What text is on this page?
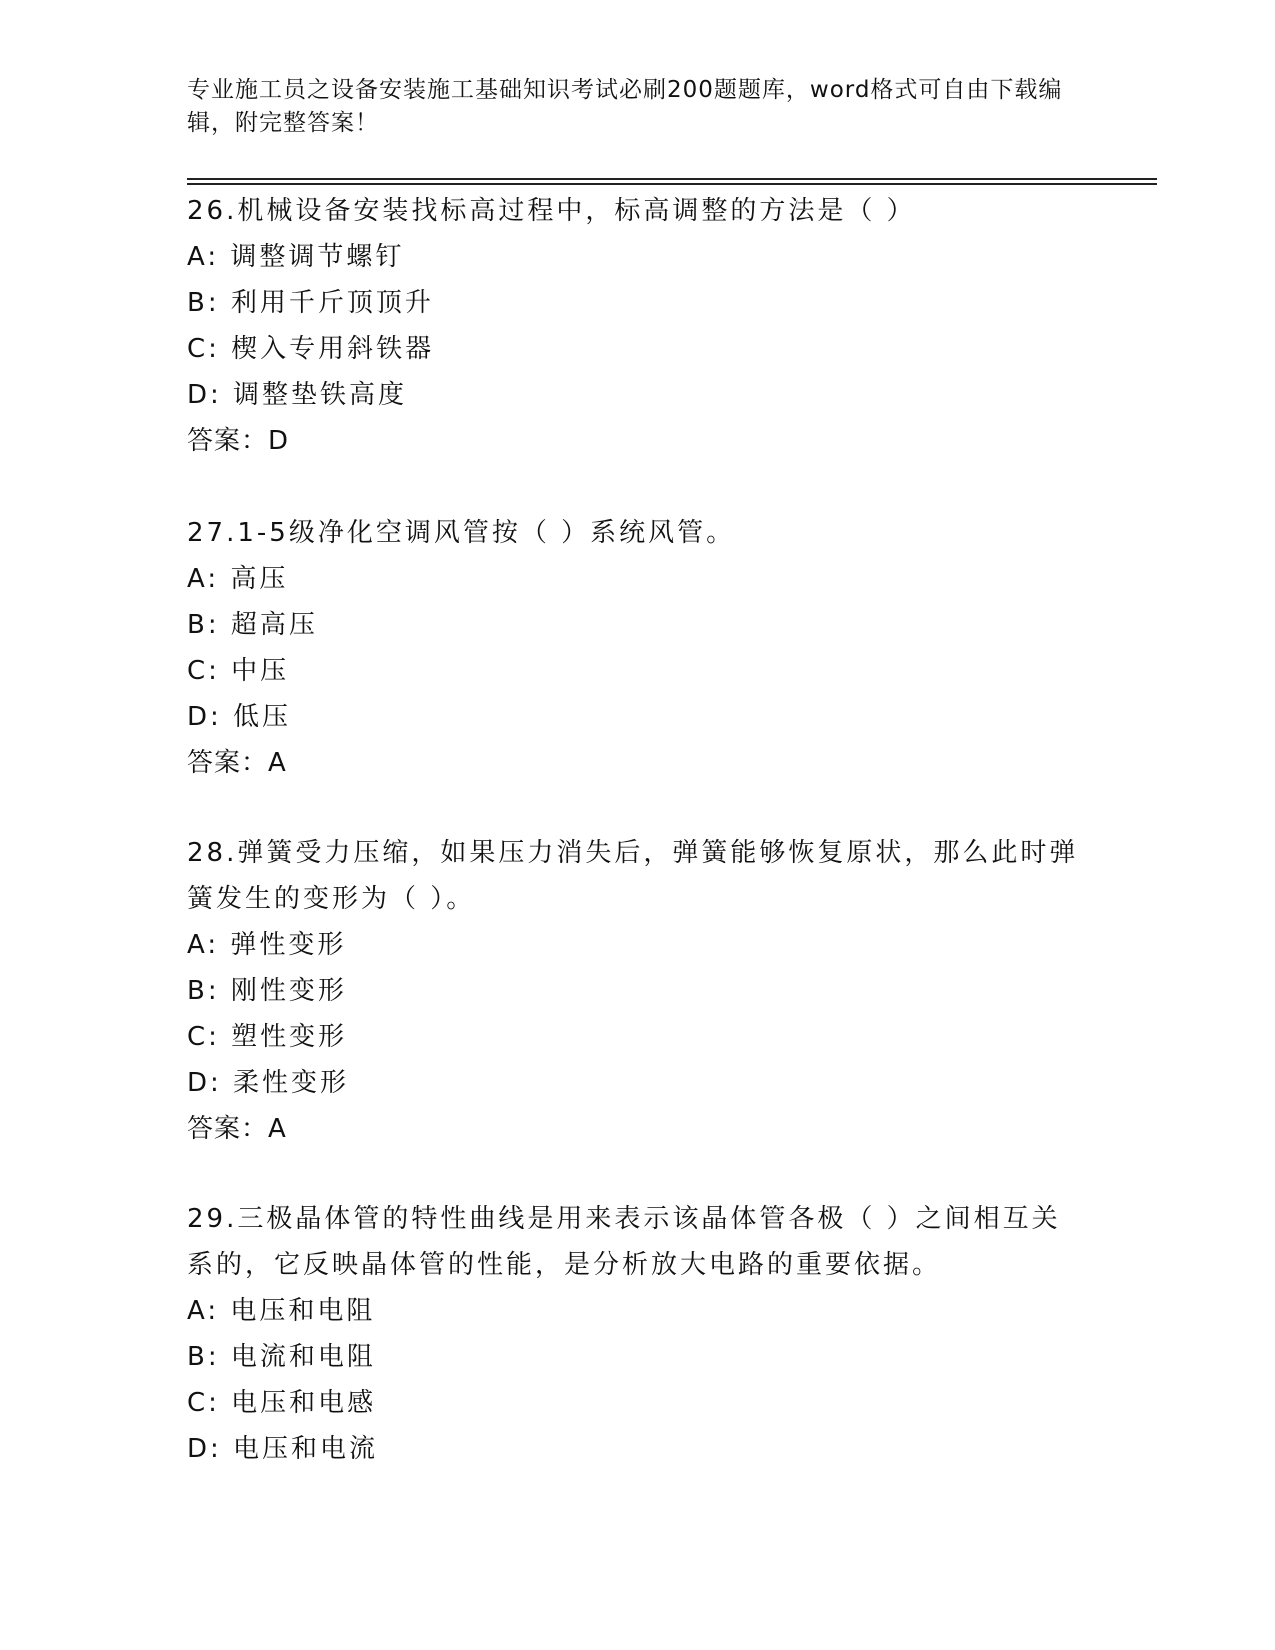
专业施工员之设备安装施工基础知识考试必刷200题题库，word格式可自由下载编辑，附完整答案！

26.机械设备安装找标高过程中，标高调整的方法是（ ）

A: 调整调节螺钉

B: 利用千斤顶顶升

C: 楔入专用斜铁器

D: 调整垫铁高度

答案：D

27.1-5级净化空调风管按（ ）系统风管。

A: 高压

B: 超高压

C: 中压

D: 低压

答案：A

28.弹簧受力压缩，如果压力消失后，弹簧能够恢复原状，那么此时弹簧发生的变形为（ ）。

A: 弹性变形

B: 刚性变形

C: 塑性变形

D: 柔性变形

答案：A

29.三极晶体管的特性曲线是用来表示该晶体管各极（ ）之间相互关系的，它反映晶体管的性能，是分析放大电路的重要依据。

A: 电压和电阻

B: 电流和电阻

C: 电压和电感

D: 电压和电流
